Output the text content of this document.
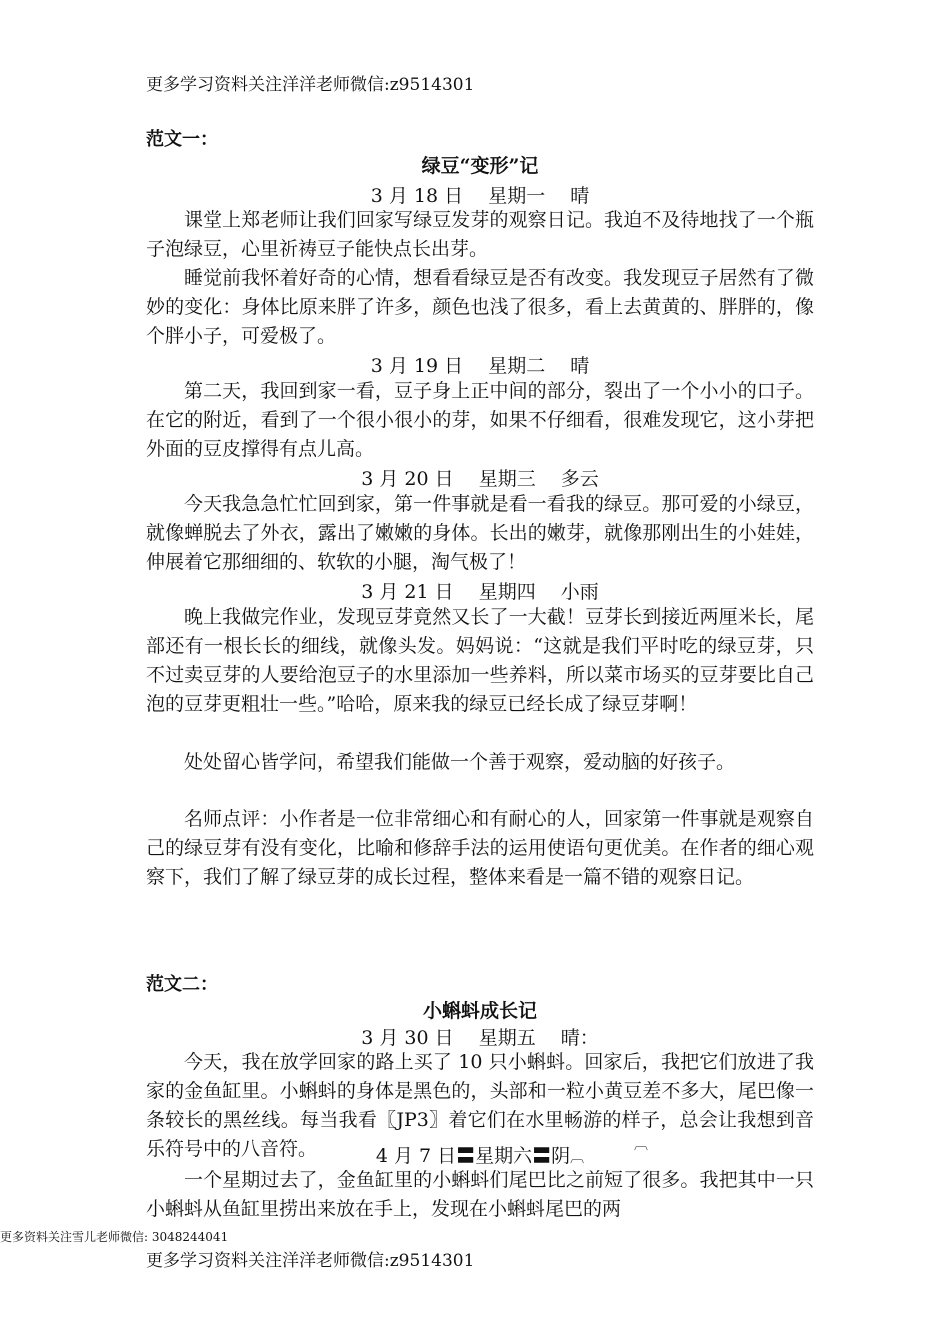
更多学习资料关注洋洋老师微信:z9514301
范文一：
绿豆“变形”记
3 月 18 日　 星期一　 晴

课堂上郑老师让我们回家写绿豆发芽的观察日记。我迫不及待地找了一个瓶子泡绿豆，心里祈祷豆子能快点长出芽。

睡觉前我怀着好奇的心情，想看看绿豆是否有改变。我发现豆子居然有了微妙的变化：身体比原来胖了许多，颜色也浅了很多，看上去黄黄的、胖胖的，像个胖小子，可爱极了。

3 月 19 日　 星期二　 晴

第二天，我回到家一看，豆子身上正中间的部分，裂出了一个小小的口子。在它的附近，看到了一个很小很小的芽，如果不仔细看，很难发现它，这小芽把外面的豆皮撑得有点儿高。

3 月 20 日　 星期三　 多云

今天我急急忙忙回到家，第一件事就是看一看我的绿豆。那可爱的小绿豆，就像蝉脱去了外衣，露出了嫩嫩的身体。长出的嫩芽，就像那刚出生的小娃娃，伸展着它那细细的、软软的小腿，淘气极了！

3 月 21 日　 星期四　 小雨

晚上我做完作业，发现豆芽竟然又长了一大截！豆芽长到接近两厘米长，尾部还有一根长长的细线，就像头发。妈妈说：“这就是我们平时吃的绿豆芽，只不过卖豆芽的人要给泡豆子的水里添加一些养料，所以菜市场买的豆芽要比自己泡的豆芽更粗壮一些。”哈哈，原来我的绿豆已经长成了绿豆芽啊！

处处留心皆学问，希望我们能做一个善于观察，爱动脑的好孩子。

名师点评：小作者是一位非常细心和有耐心的人，回家第一件事就是观察自己的绿豆芽有没有变化，比喻和修辞手法的运用使语句更优美。在作者的细心观察下，我们了解了绿豆芽的成长过程，整体来看是一篇不错的观察日记。

范文二：
小蝌蚪成长记
3 月 30 日　 星期五　 晴：

今天，我在放学回家的路上买了 10 只小蝌蚪。回家后，我把它们放进了我家的金鱼缸里。小蝌蚪的身体是黑色的，头部和一粒小黄豆差不多大，尾巴像一条较长的黑丝线。每当我看〖JP3〗着它们在水里畅游的样子，总会让我想到音乐符号中的八音符。	︹
4 月 7 日〓星期六〓阴︹

一个星期过去了，金鱼缸里的小蝌蚪们尾巴比之前短了很多。我把其中一只小蝌蚪从鱼缸里捞出来放在手上，发现在小蝌蚪尾巴的两

更多资料关注雪儿老师微信: 3048244041
更多学习资料关注洋洋老师微信:z9514301
